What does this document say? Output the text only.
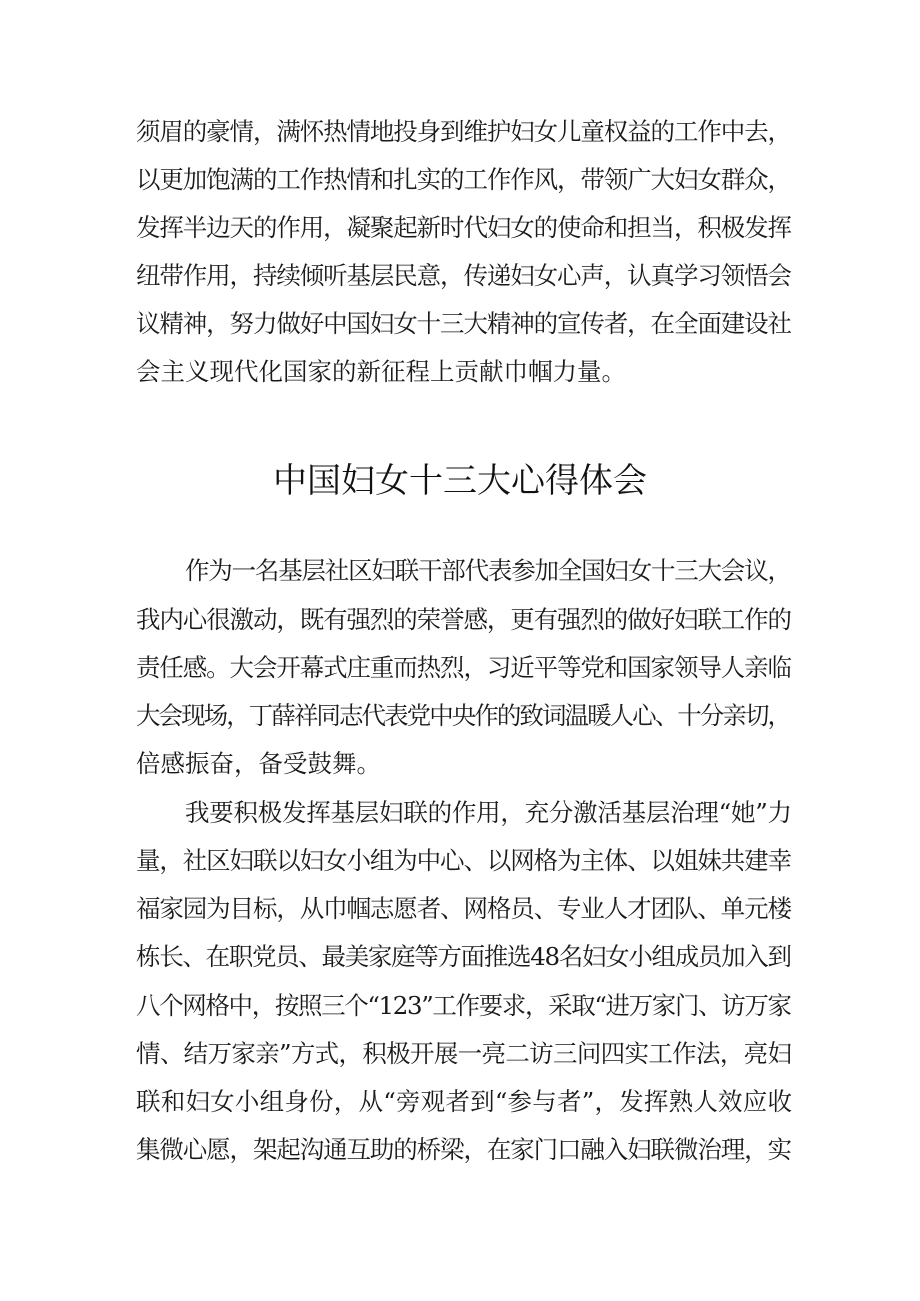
须眉的豪情，满怀热情地投身到维护妇女儿童权益的工作中去，
以更加饱满的工作热情和扎实的工作作风，带领广大妇女群众，
发挥半边天的作用，凝聚起新时代妇女的使命和担当，积极发挥
纽带作用，持续倾听基层民意，传递妇女心声，认真学习领悟会
议精神，努力做好中国妇女十三大精神的宣传者，在全面建设社
会主义现代化国家的新征程上贡献巾帼力量。
中国妇女十三大心得体会
作为一名基层社区妇联干部代表参加全国妇女十三大会议，
我内心很激动，既有强烈的荣誉感，更有强烈的做好妇联工作的
责任感。大会开幕式庄重而热烈，习近平等党和国家领导人亲临
大会现场，丁薛祥同志代表党中央作的致词温暖人心、十分亲切，
倍感振奋，备受鼓舞。
我要积极发挥基层妇联的作用，充分激活基层治理“她”力
量，社区妇联以妇女小组为中心、以网格为主体、以姐妹共建幸
福家园为目标，从巾帼志愿者、网格员、专业人才团队、单元楼
栋长、在职党员、最美家庭等方面推选48名妇女小组成员加入到
八个网格中，按照三个“123”工作要求，采取“进万家门、访万家
情、结万家亲”方式，积极开展一亮二访三问四实工作法，亮妇
联和妇女小组身份，从“旁观者到“参与者”，发挥熟人效应收
集微心愿，架起沟通互助的桥梁，在家门口融入妇联微治理，实
